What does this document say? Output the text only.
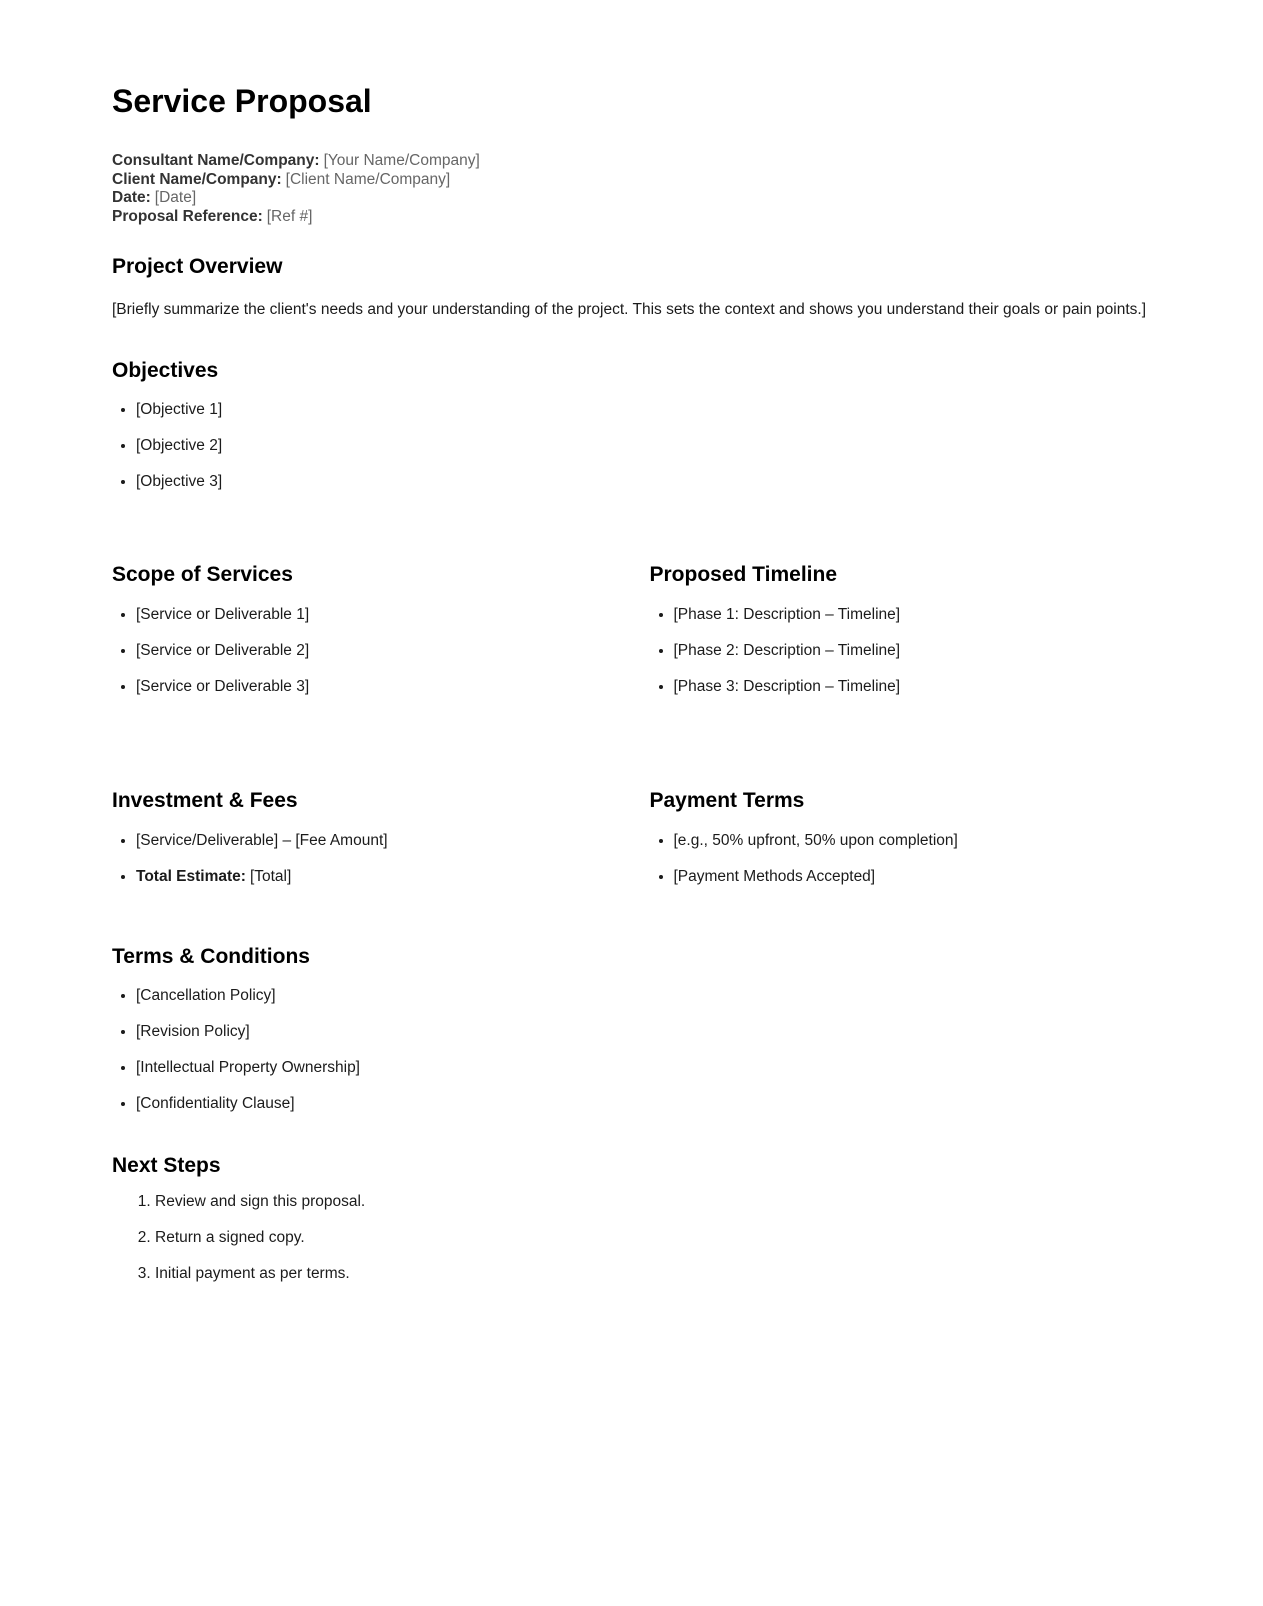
Service Proposal

Consultant Name/Company: [Your Name/Company]

Client Name/Company: [Client Name/Company]

Date: [Date]

Proposal Reference: [Ref #]

Project Overview

[Briefly summarize the client's needs and your understanding of the project. This sets the context and shows you understand their goals or pain points.]

Objectives
• [Objective 1]
• [Objective 2]
• [Objective 3]
Scope of Services
• [Service or Deliverable 1]
• [Service or Deliverable 2]
• [Service or Deliverable 3]
Proposed Timeline
• [Phase 1: Description – Timeline]
• [Phase 2: Description – Timeline]
• [Phase 3: Description – Timeline]
Investment & Fees
• [Service/Deliverable] – [Fee Amount]
• Total Estimate: [Total]
Payment Terms
• [e.g., 50% upfront, 50% upon completion]
• [Payment Methods Accepted]
Terms & Conditions
• [Cancellation Policy]
• [Revision Policy]
• [Intellectual Property Ownership]
• [Confidentiality Clause]
Next Steps
1. Review and sign this proposal.
2. Return a signed copy.
3. Initial payment as per terms.
